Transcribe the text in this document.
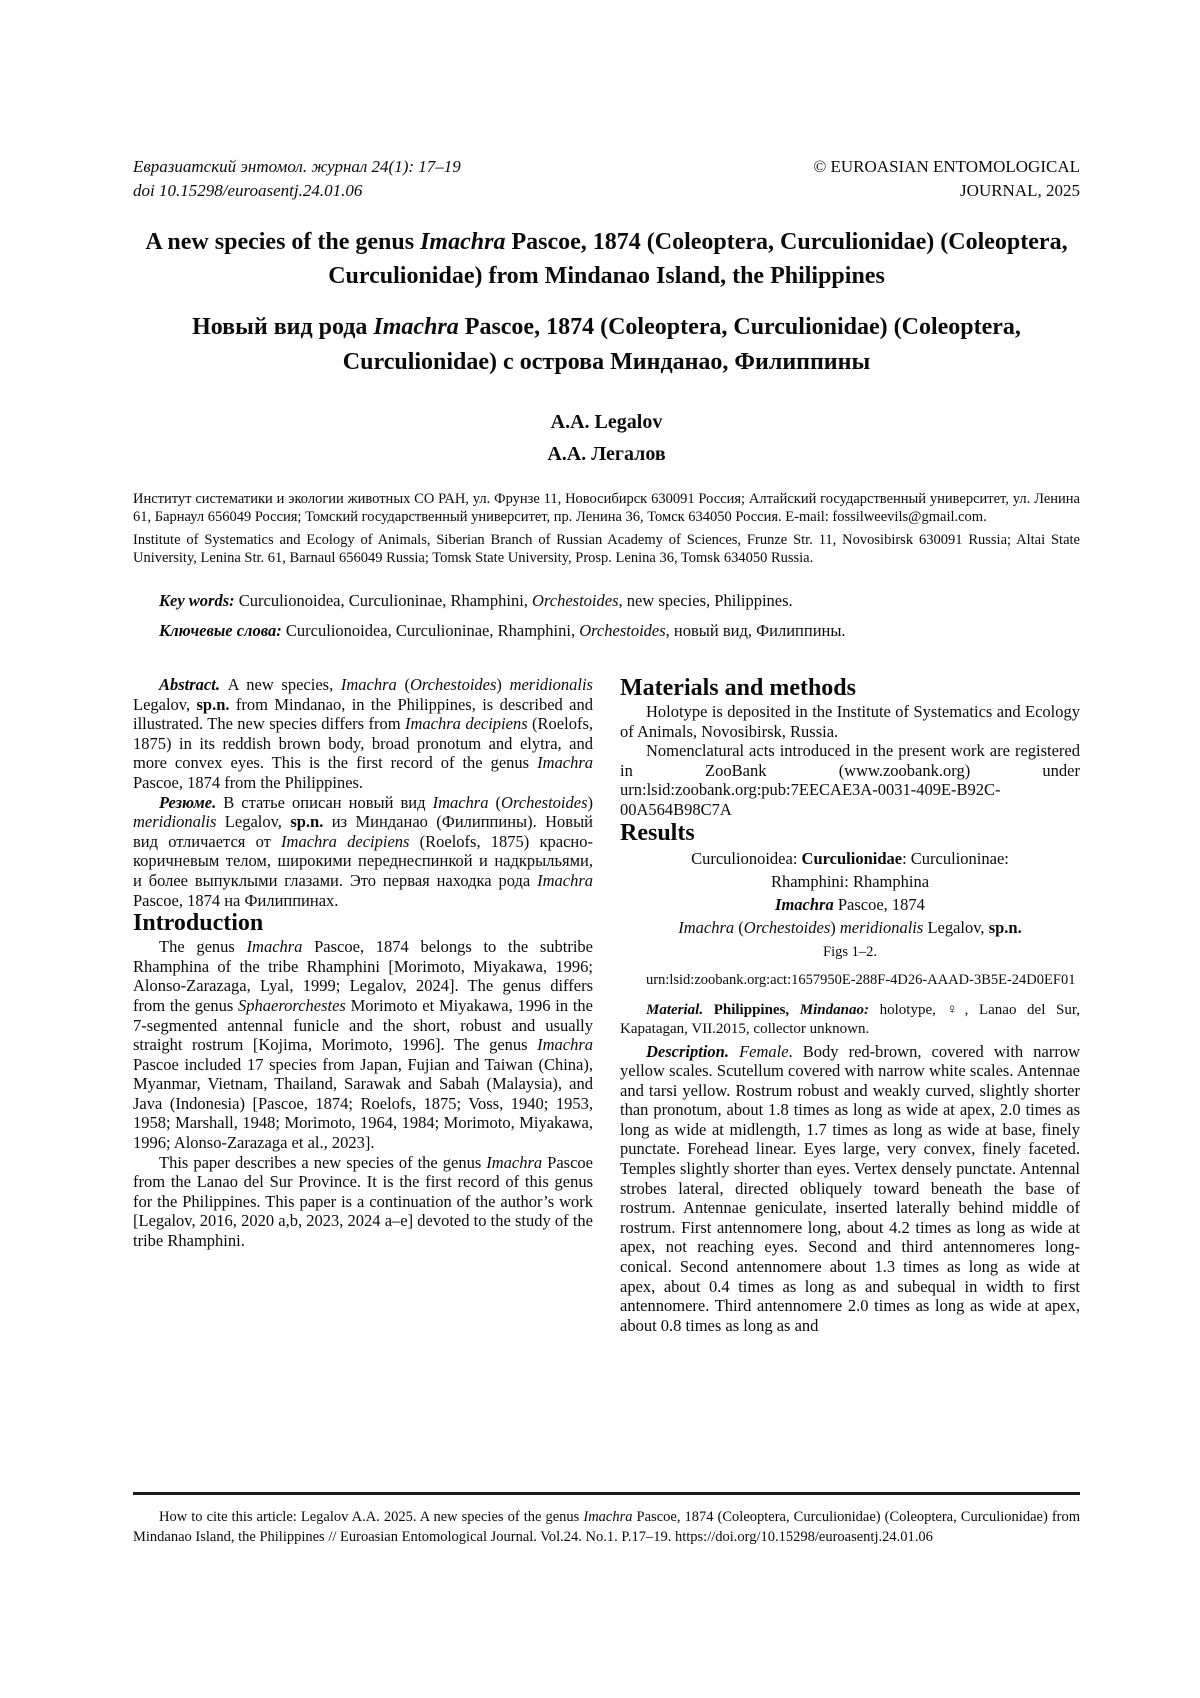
Евразиатский энтомол. журнал 24(1): 17–19
doi 10.15298/euroasentj.24.01.06
© EUROASIAN ENTOMOLOGICAL
JOURNAL, 2025
A new species of the genus Imachra Pascoe, 1874 (Coleoptera, Curculionidae) (Coleoptera, Curculionidae) from Mindanao Island, the Philippines
Новый вид рода Imachra Pascoe, 1874 (Coleoptera, Curculionidae) (Coleoptera, Curculionidae) с острова Минданао, Филиппины
A.A. Legalov
А.А. Легалов
Институт систематики и экологии животных СО РАН, ул. Фрунзе 11, Новосибирск 630091 Россия; Алтайский государственный университет, ул. Ленина 61, Барнаул 656049 Россия; Томский государственный университет, пр. Ленина 36, Томск 634050 Россия. E-mail: fossilweevils@gmail.com.
Institute of Systematics and Ecology of Animals, Siberian Branch of Russian Academy of Sciences, Frunze Str. 11, Novosibirsk 630091 Russia; Altai State University, Lenina Str. 61, Barnaul 656049 Russia; Tomsk State University, Prosp. Lenina 36, Tomsk 634050 Russia.
Key words: Curculionoidea, Curculioninae, Rhamphini, Orchestoides, new species, Philippines.
Ключевые слова: Curculionoidea, Curculioninae, Rhamphini, Orchestoides, новый вид, Филиппины.

Abstract. A new species, Imachra (Orchestoides) meridionalis Legalov, sp.n. from Mindanao, in the Philippines, is described and illustrated. The new species differs from Imachra decipiens (Roelofs, 1875) in its reddish brown body, broad pronotum and elytra, and more convex eyes. This is the first record of the genus Imachra Pascoe, 1874 from the Philippines.

Резюме. В статье описан новый вид Imachra (Orchestoides) meridionalis Legalov, sp.n. из Минданао (Филиппины). Новый вид отличается от Imachra decipiens (Roelofs, 1875) красно-коричневым телом, широкими переднеспинкой и надкрыльями, и более выпуклыми глазами. Это первая находка рода Imachra Pascoe, 1874 на Филиппинах.

Introduction

The genus Imachra Pascoe, 1874 belongs to the subtribe Rhamphina of the tribe Rhamphini [Morimoto, Miyakawa, 1996; Alonso-Zarazaga, Lyal, 1999; Legalov, 2024]. The genus differs from the genus Sphaerorchestes Morimoto et Miyakawa, 1996 in the 7-segmented antennal funicle and the short, robust and usually straight rostrum [Kojima, Morimoto, 1996]. The genus Imachra Pascoe included 17 species from Japan, Fujian and Taiwan (China), Myanmar, Vietnam, Thailand, Sarawak and Sabah (Malaysia), and Java (Indonesia) [Pascoe, 1874; Roelofs, 1875; Voss, 1940; 1953, 1958; Marshall, 1948; Morimoto, 1964, 1984; Morimoto, Miyakawa, 1996; Alonso-Zarazaga et al., 2023].

This paper describes a new species of the genus Imachra Pascoe from the Lanao del Sur Province. It is the first record of this genus for the Philippines. This paper is a continuation of the author’s work [Legalov, 2016, 2020 a,b, 2023, 2024 a–e] devoted to the study of the tribe Rhamphini.

Materials and methods

Holotype is deposited in the Institute of Systematics and Ecology of Animals, Novosibirsk, Russia.

Nomenclatural acts introduced in the present work are registered in ZooBank (www.zoobank.org) under urn:lsid:zoobank.org:pub:7EECAE3A-0031-409E-B92C-00A564B98C7A

Results
Curculionoidea: Curculionidae: Curculioninae:
Rhamphini: Rhamphina
Imachra Pascoe, 1874
Imachra (Orchestoides) meridionalis Legalov, sp.n.
Figs 1–2.
urn:lsid:zoobank.org:act:1657950E-288F-4D26-AAAD-3B5E-24D0EF01

Material. Philippines, Mindanao: holotype, ♀, Lanao del Sur, Kapatagan, VII.2015, collector unknown.

Description. Female. Body red-brown, covered with narrow yellow scales. Scutellum covered with narrow white scales. Antennae and tarsi yellow. Rostrum robust and weakly curved, slightly shorter than pronotum, about 1.8 times as long as wide at apex, 2.0 times as long as wide at midlength, 1.7 times as long as wide at base, finely punctate. Forehead linear. Eyes large, very convex, finely faceted. Temples slightly shorter than eyes. Vertex densely punctate. Antennal strobes lateral, directed obliquely toward beneath the base of rostrum. Antennae geniculate, inserted laterally behind middle of rostrum. First antennomere long, about 4.2 times as long as wide at apex, not reaching eyes. Second and third antennomeres long-conical. Second antennomere about 1.3 times as long as wide at apex, about 0.4 times as long as and subequal in width to first antennomere. Third antennomere 2.0 times as long as wide at apex, about 0.8 times as long as and

How to cite this article: Legalov A.A. 2025. A new species of the genus Imachra Pascoe, 1874 (Coleoptera, Curculionidae) (Coleoptera, Curculionidae) from Mindanao Island, the Philippines // Euroasian Entomological Journal. Vol.24. No.1. P.17–19. https://doi.org/10.15298/euroasentj.24.01.06
